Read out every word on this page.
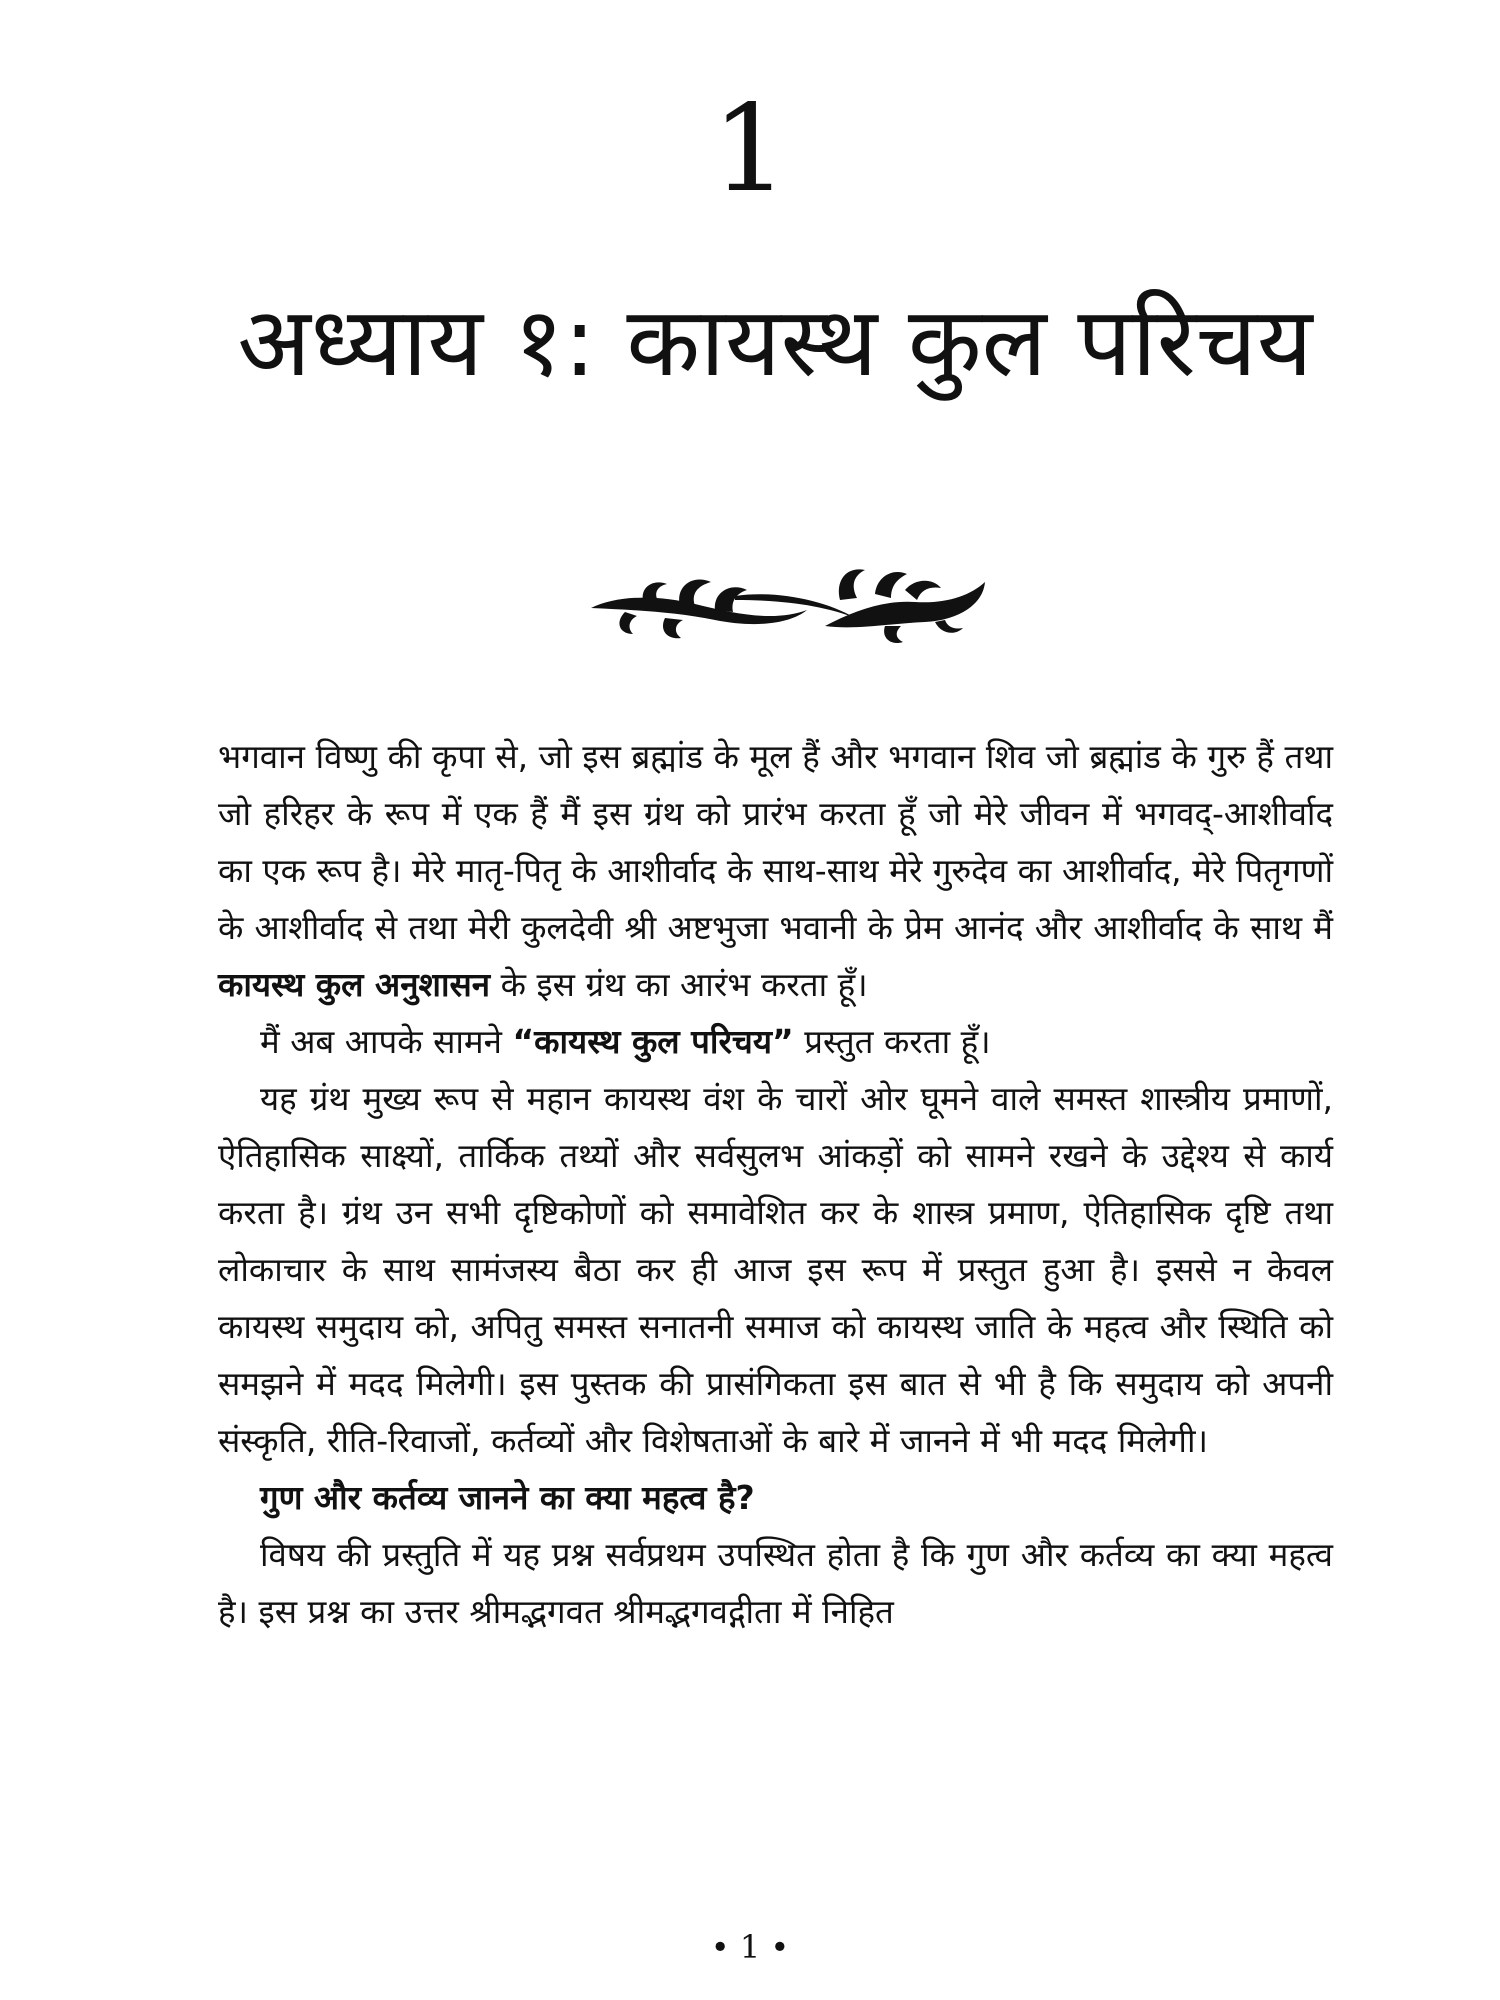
1
अध्याय १: कायस्थ कुल परिचय

भगवान विष्णु की कृपा से, जो इस ब्रह्मांड के मूल हैं और भगवान शिव जो ब्रह्मांड के गुरु हैं तथा जो हरिहर के रूप में एक हैं मैं इस ग्रंथ को प्रारंभ करता हूँ जो मेरे जीवन में भगवद्-आशीर्वाद का एक रूप है। मेरे मातृ-पितृ के आशीर्वाद के साथ-साथ मेरे गुरुदेव का आशीर्वाद, मेरे पितृगणों के आशीर्वाद से तथा मेरी कुलदेवी श्री अष्टभुजा भवानी के प्रेम आनंद और आशीर्वाद के साथ मैं कायस्थ कुल अनुशासन के इस ग्रंथ का आरंभ करता हूँ।

मैं अब आपके सामने “कायस्थ कुल परिचय” प्रस्तुत करता हूँ।

यह ग्रंथ मुख्य रूप से महान कायस्थ वंश के चारों ओर घूमने वाले समस्त शास्त्रीय प्रमाणों, ऐतिहासिक साक्ष्यों, तार्किक तथ्यों और सर्वसुलभ आंकड़ों को सामने रखने के उद्देश्य से कार्य करता है। ग्रंथ उन सभी दृष्टिकोणों को समावेशित कर के शास्त्र प्रमाण, ऐतिहासिक दृष्टि तथा लोकाचार के साथ सामंजस्य बैठा कर ही आज इस रूप में प्रस्तुत हुआ है। इससे न केवल कायस्थ समुदाय को, अपितु समस्त सनातनी समाज को कायस्थ जाति के महत्व और स्थिति को समझने में मदद मिलेगी। इस पुस्तक की प्रासंगिकता इस बात से भी है कि समुदाय को अपनी संस्कृति, रीति-रिवाजों, कर्तव्यों और विशेषताओं के बारे में जानने में भी मदद मिलेगी।

गुण और कर्तव्य जानने का क्या महत्व है?

विषय की प्रस्तुति में यह प्रश्न सर्वप्रथम उपस्थित होता है कि गुण और कर्तव्य का क्या महत्व है। इस प्रश्न का उत्तर श्रीमद्भगवत श्रीमद्भगवद्गीता में निहित

• 1 •
